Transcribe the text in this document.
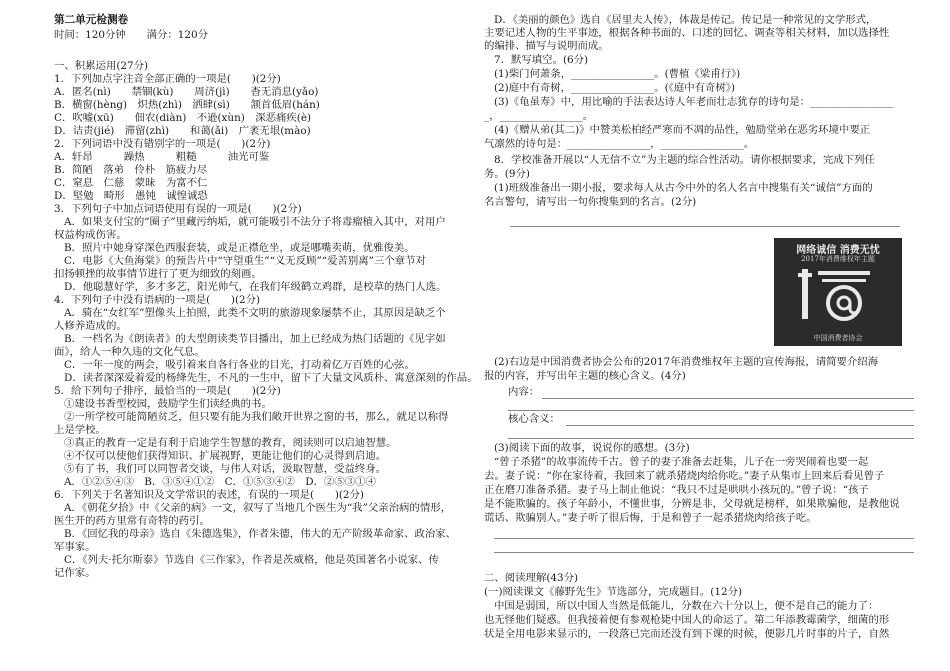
第二单元检测卷
时间：120分钟　　满分：120分
一、积累运用(27分)
1．下列加点字注音全部正确的一项是(　　)(2分)
A．匿名(nì)　　禁锢(kù)　　周济(jì)　　杳无消息(yǎo)
B．横窗(hèng)　炽热(zhì)　洒肆(sì)　　颔首低眉(hán)
C．吹嘘(xū)　　佃农(diàn)　不逊(xùn)　深恶痛疾(è)
D．诘责(jié)　滞留(zhì)　　和蔼(ǎi)　广袤无垠(mào)
2．下列词语中没有错别字的一项是(　　)(2分)
A．轩昂　　　躁热　　　粗糙　　　油光可鉴
B．简陋　落弟　伶朴　筋疲力尽
C．窒息　仁慈　蒙昧　为富不仁
D．堅勉　畸形　愚钝　诚惶诚恐
3．下列句子中加点词语使用有误的一项是(　　)(2分)
A．如果支付宝的“圈子”里藏污纳垢，就可能吸引不法分子将毒瘤植入其中，对用户
权益构成伤害。
B．照片中她身穿深色西服套装，或是正襟危坐，或是哪嘴卖萌，优雅俊美。
C．电影《大鱼海棠》的预告片中“守望重生”“义无反顾”“爱苦别离”三个章节对
扣扬顿挫的故事情节进行了更为细致的刻画。
D．他聪慧好学，多才多艺，阳光帅气，在我们年级鹤立鸡群，是校草的热门人选。
4．下列句子中没有语病的一项是(　　)(2分)
A．骑在“女红军”塑像头上拍照，此类不文明的旅游现象屡禁不止，其原因是缺乏个
人修养造成的。
B．一档名为《朗读者》的大型朗读类节目播出，加上已经成为热门话题的《见字如
面》，给人一种久违的文化气息。
C．一年一度的两会，吸引着来自各行各业的目光，打动着亿万百姓的心弦。
D．读者深深爱着爱的杨绛先生，不凡的一生中，留下了大量文风质朴、寓意深刻的作品。
5．给下列句子排序，最恰当的一项是(　　)(2分)
①建设书香型校园，鼓励学生们读经典的书。
②一所学校可能简陋贫乏，但只要有能为我们敞开世界之窗的书，那么，就足以称得
上是学校。
③真正的教育一定是有利于启迪学生智慧的教育，阅读则可以启迪智慧。
④不仅可以使他们获得知识、扩展视野，更能让他们的心灵得到启迪。
⑤有了书，我们可以同智者交谈，与伟人对话，汲取智慧，受益终身。
A．①②⑤④③　B．③⑤④①②　C．①⑤③④②　D．②⑤③①④
6．下列关于名著知识及文学常识的表述，有误的一项是(　　)(2分)
A．《朝花夕拾》中《父亲的病》一文，叙写了当地几个医生为“我”父亲治病的情形，
医生开的药方里常有奇特的药引。
B．《回忆我的母亲》选自《朱德选集》，作者朱德，伟大的无产阶级革命家、政治家、
军事家。
C．《列夫·托尔斯泰》节选自《三作家》，作者是茨威格，他是英国著名小说家、传
记作家。
D．《美丽的颜色》选自《居里夫人传》，体裁是传记。传记是一种常见的文学形式，
主要记述人物的生平事迹，根据各种书面的、口述的回忆、调查等相关材料，加以选择性
的编排、描写与说明而成。
7．默写填空。(6分)
(1)柴门何萧条，________________。(曹植《梁甫行》)
(2)庭中有奇树，________________。(《庭中有奇树》)
(3)《龟虽寿》中，用比喻的手法表达诗人年老而壮志犹存的诗句是：________________
_，________________。
(4)《赠从弟(其二)》中赞美松柏经严寒而不凋的品性，勉励堂弟在恶劣环境中要正
气凛然的诗句是：________________，________________。
8．学校准备开展以“人无信不立”为主题的综合性活动。请你根据要求，完成下列任
务。(9分)
(1)班级准备出一期小报，要求每人从古今中外的名人名言中搜集有关“诚信”方面的
名言警句，请写出一句你搜集到的名言。(2分)
网络诚信 消费无忧
2017年消费维权年主题
中国消费者协会
(2)右边是中国消费者协会公布的2017年消费维权年主题的宣传海报，请简要介绍海
报的内容，并写出年主题的核心含义。(4分)
内容：
核心含义：
(3)阅读下面的故事，说说你的感想。(3分)
“曾子杀猪”的故事流传千古。曾子的妻子准备去赶集，儿子在一旁哭闹着也要一起
去。妻子说：“你在家待着，我回来了就杀猪烧肉给你吃。”妻子从集市上回来后看见曾子
正在磨刀准备杀猪。妻子马上制止他说：“我只不过是哄哄小孩玩的。”曾子说：“孩子
是不能欺骗的。孩子年龄小，不懂世事，分辨是非，父母就是榜样，如果欺骗他，是教他说
谎话、欺骗别人。”妻子听了很后悔，于是和曾子一起杀猪烧肉给孩子吃。
二、阅读理解(43分)
(一)阅读课文《藤野先生》节选部分，完成题目。(12分)
中国是弱国，所以中国人当然是低能儿，分数在六十分以上，便不是自己的能力了：
也无怪他们疑惑。但我接着便有参观枪毙中国人的命运了。第二年添教霉菌学，细菌的形
状是全用电影来显示的，一段落已完而还没有到下课的时候，便影几片时事的片子，自然
